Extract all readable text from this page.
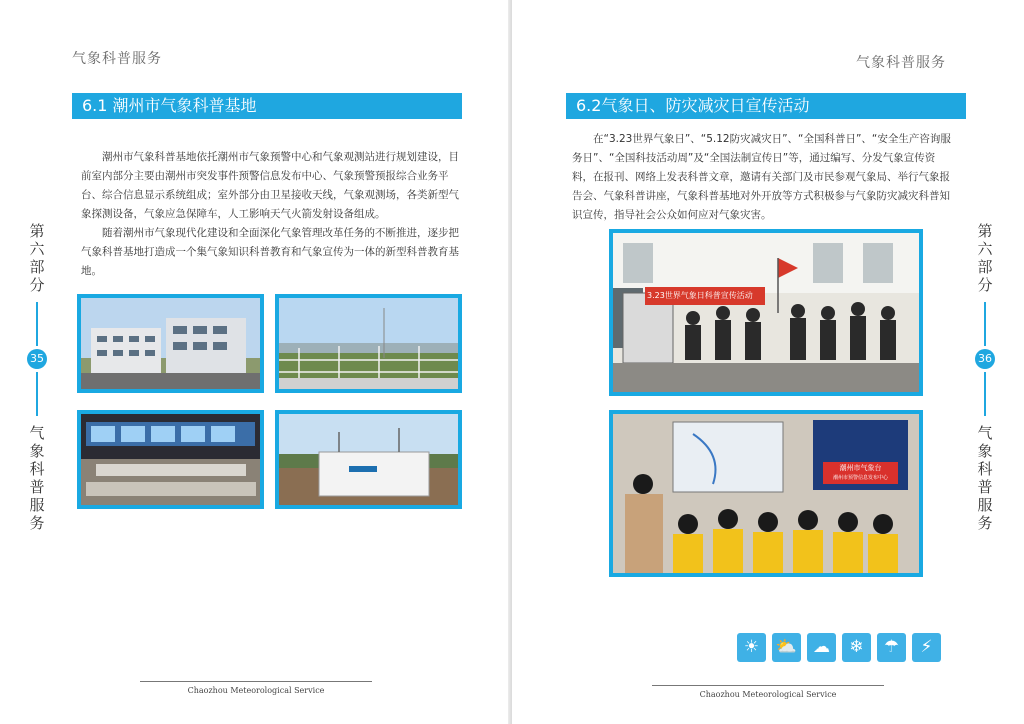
气象科普服务
6.1 潮州市气象科普基地

潮州市气象科普基地依托潮州市气象预警中心和气象观测站进行规划建设，目前室内部分主要由潮州市突发事件预警信息发布中心、气象预警预报综合业务平台、综合信息显示系统组成；室外部分由卫星接收天线，气象观测场，各类新型气象探测设备，气象应急保障车，人工影响天气火箭发射设备组成。

随着潮州市气象现代化建设和全面深化气象管理改革任务的不断推进，逐步把气象科普基地打造成一个集气象知识科普教育和气象宣传为一体的新型科普教育基地。

第六部分
35
气象科普服务
Chaozhou Meteorological Service
气象科普服务
6.2气象日、防灾减灾日宣传活动

在“3.23世界气象日”、“5.12防灾减灾日”、“全国科普日”、“安全生产咨询服务日”、“全国科技活动周”及“全国法制宣传日”等，通过编写、分发气象宣传资料，在报刊、网络上发表科普文章，邀请有关部门及市民参观气象局、举行气象报告会、气象科普讲座，气象科普基地对外开放等方式积极参与气象防灾减灾科普知识宣传，指导社会公众如何应对气象灾害。

3.23世界气象日科普宣传活动
潮州市气象台
潮州市预警信息发布中心
第六部分
36
气象科普服务
☀ ⛅ ☁	❄	☂	⚡
Chaozhou Meteorological Service
